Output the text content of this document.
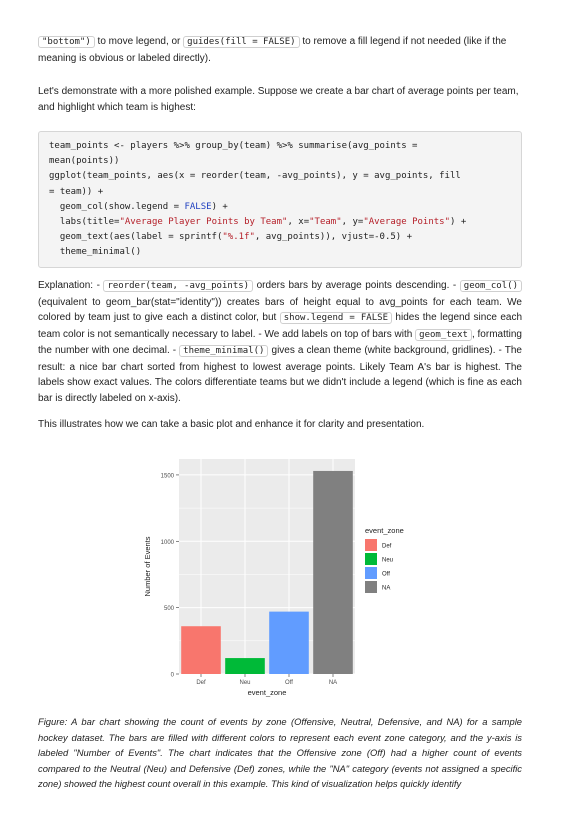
"bottom") to move legend, or guides(fill = FALSE) to remove a fill legend if not needed (like if the meaning is obvious or labeled directly).

Let's demonstrate with a more polished example. Suppose we create a bar chart of average points per team, and highlight which team is highest:

team_points <- players %>% group_by(team) %>% summarise(avg_points =
mean(points))
ggplot(team_points, aes(x = reorder(team, -avg_points), y = avg_points, fill
= team)) +
geom_col(show.legend = FALSE) +
labs(title="Average Player Points by Team", x="Team", y="Average Points") +
geom_text(aes(label = sprintf("%.1f", avg_points)), vjust=-0.5) +
theme_minimal()

Explanation: - reorder(team, -avg_points) orders bars by average points descending. - geom_col() (equivalent to geom_bar(stat="identity")) creates bars of height equal to avg_points for each team. We colored by team just to give each a distinct color, but show.legend = FALSE hides the legend since each team color is not semantically necessary to label. - We add labels on top of bars with geom_text , formatting the number with one decimal. - theme_minimal() gives a clean theme (white background, gridlines). - The result: a nice bar chart sorted from highest to lowest average points. Likely Team A's bar is highest. The labels show exact values. The colors differentiate teams but we didn't include a legend (which is fine as each bar is directly labeled on x-axis).

This illustrates how we can take a basic plot and enhance it for clarity and presentation.

0
500
1000
1500
Def	Neu	Off	NA
event_zone
Number of Events
event_zone
Def
Neu
Off
NA

Figure: A bar chart showing the count of events by zone (Offensive, Neutral, Defensive, and NA) for a sample hockey dataset. The bars are filled with different colors to represent each event zone category, and the y-axis is labeled "Number of Events". The chart indicates that the Offensive zone (Off) had a higher count of events compared to the Neutral (Neu) and Defensive (Def) zones, while the "NA" category (events not assigned a specific zone) showed the highest count overall in this example. This kind of visualization helps quickly identify
